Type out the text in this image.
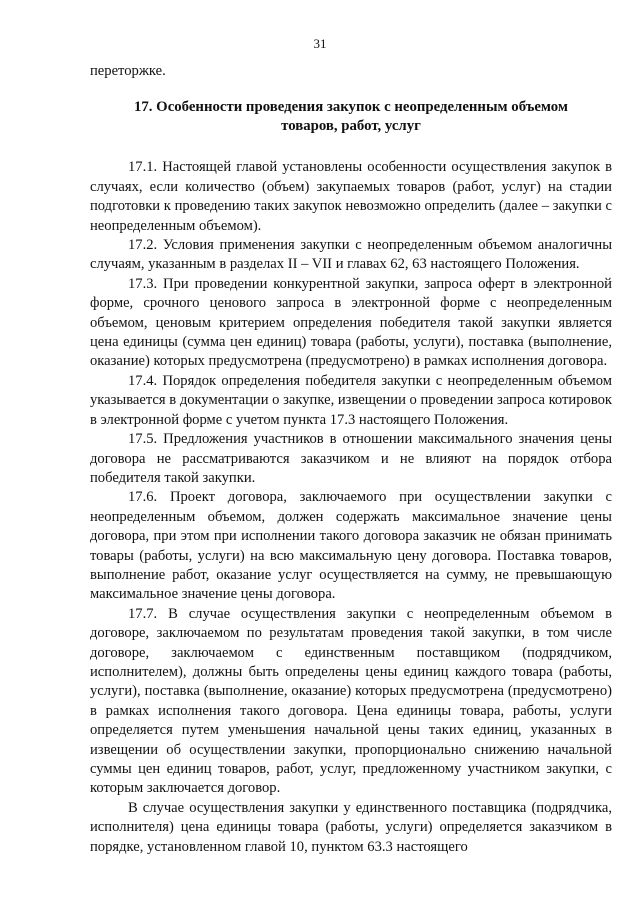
31

переторжке.

17. Особенности проведения закупок с неопределенным объемом
товаров, работ, услуг

17.1. Настоящей главой установлены особенности осуществления закупок в случаях, если количество (объем) закупаемых товаров (работ, услуг) на стадии подготовки к проведению таких закупок невозможно определить (далее – закупки с неопределенным объемом).

17.2. Условия применения закупки с неопределенным объемом аналогичны случаям, указанным в разделах II – VII и главах 62, 63 настоящего Положения.

17.3. При проведении конкурентной закупки, запроса оферт в электронной форме, срочного ценового запроса в электронной форме с неопределенным объемом, ценовым критерием определения победителя такой закупки является цена единицы (сумма цен единиц) товара (работы, услуги), поставка (выполнение, оказание) которых предусмотрена (предусмотрено) в рамках исполнения договора.

17.4. Порядок определения победителя закупки с неопределенным объемом указывается в документации о закупке, извещении о проведении запроса котировок в электронной форме с учетом пункта 17.3 настоящего Положения.

17.5. Предложения участников в отношении максимального значения цены договора не рассматриваются заказчиком и не влияют на порядок отбора победителя такой закупки.

17.6. Проект договора, заключаемого при осуществлении закупки с неопределенным объемом, должен содержать максимальное значение цены договора, при этом при исполнении такого договора заказчик не обязан принимать товары (работы, услуги) на всю максимальную цену договора. Поставка товаров, выполнение работ, оказание услуг осуществляется на сумму, не превышающую максимальное значение цены договора.

17.7. В случае осуществления закупки с неопределенным объемом в договоре, заключаемом по результатам проведения такой закупки, в том числе договоре, заключаемом с единственным поставщиком (подрядчиком, исполнителем), должны быть определены цены единиц каждого товара (работы, услуги), поставка (выполнение, оказание) которых предусмотрена (предусмотрено) в рамках исполнения такого договора. Цена единицы товара, работы, услуги определяется путем уменьшения начальной цены таких единиц, указанных в извещении об осуществлении закупки, пропорционально снижению начальной суммы цен единиц товаров, работ, услуг, предложенному участником закупки, с которым заключается договор.

В случае осуществления закупки у единственного поставщика (подрядчика, исполнителя) цена единицы товара (работы, услуги) определяется заказчиком в порядке, установленном главой 10, пунктом 63.3 настоящего
